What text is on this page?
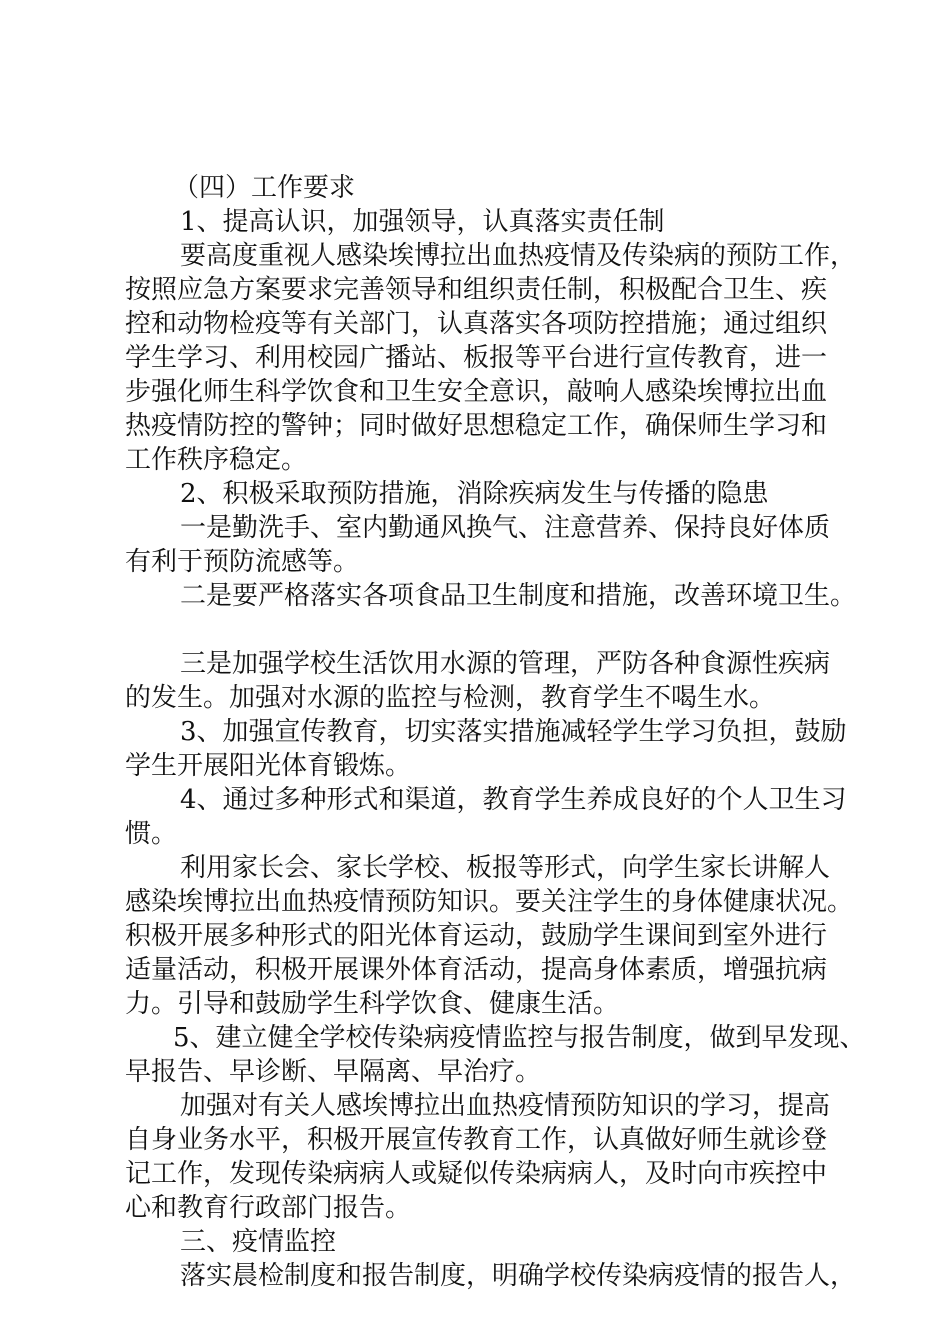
（四）工作要求
1、提高认识，加强领导，认真落实责任制
要高度重视人感染埃博拉出血热疫情及传染病的预防工作，
按照应急方案要求完善领导和组织责任制，积极配合卫生、疾
控和动物检疫等有关部门，认真落实各项防控措施；通过组织
学生学习、利用校园广播站、板报等平台进行宣传教育，进一
步强化师生科学饮食和卫生安全意识，敲响人感染埃博拉出血
热疫情防控的警钟；同时做好思想稳定工作，确保师生学习和
工作秩序稳定。
2、积极采取预防措施，消除疾病发生与传播的隐患
一是勤洗手、室内勤通风换气、注意营养、保持良好体质
有利于预防流感等。
二是要严格落实各项食品卫生制度和措施，改善环境卫生。
三是加强学校生活饮用水源的管理，严防各种食源性疾病
的发生。加强对水源的监控与检测，教育学生不喝生水。
3、加强宣传教育，切实落实措施减轻学生学习负担，鼓励
学生开展阳光体育锻炼。
4、通过多种形式和渠道，教育学生养成良好的个人卫生习
惯。
利用家长会、家长学校、板报等形式，向学生家长讲解人
感染埃博拉出血热疫情预防知识。要关注学生的身体健康状况。
积极开展多种形式的阳光体育运动，鼓励学生课间到室外进行
适量活动，积极开展课外体育活动，提高身体素质，增强抗病
力。引导和鼓励学生科学饮食、健康生活。
5、建立健全学校传染病疫情监控与报告制度，做到早发现、
早报告、早诊断、早隔离、早治疗。
加强对有关人感埃博拉出血热疫情预防知识的学习，提高
自身业务水平，积极开展宣传教育工作，认真做好师生就诊登
记工作，发现传染病病人或疑似传染病病人，及时向市疾控中
心和教育行政部门报告。
三、疫情监控
落实晨检制度和报告制度，明确学校传染病疫情的报告人，
